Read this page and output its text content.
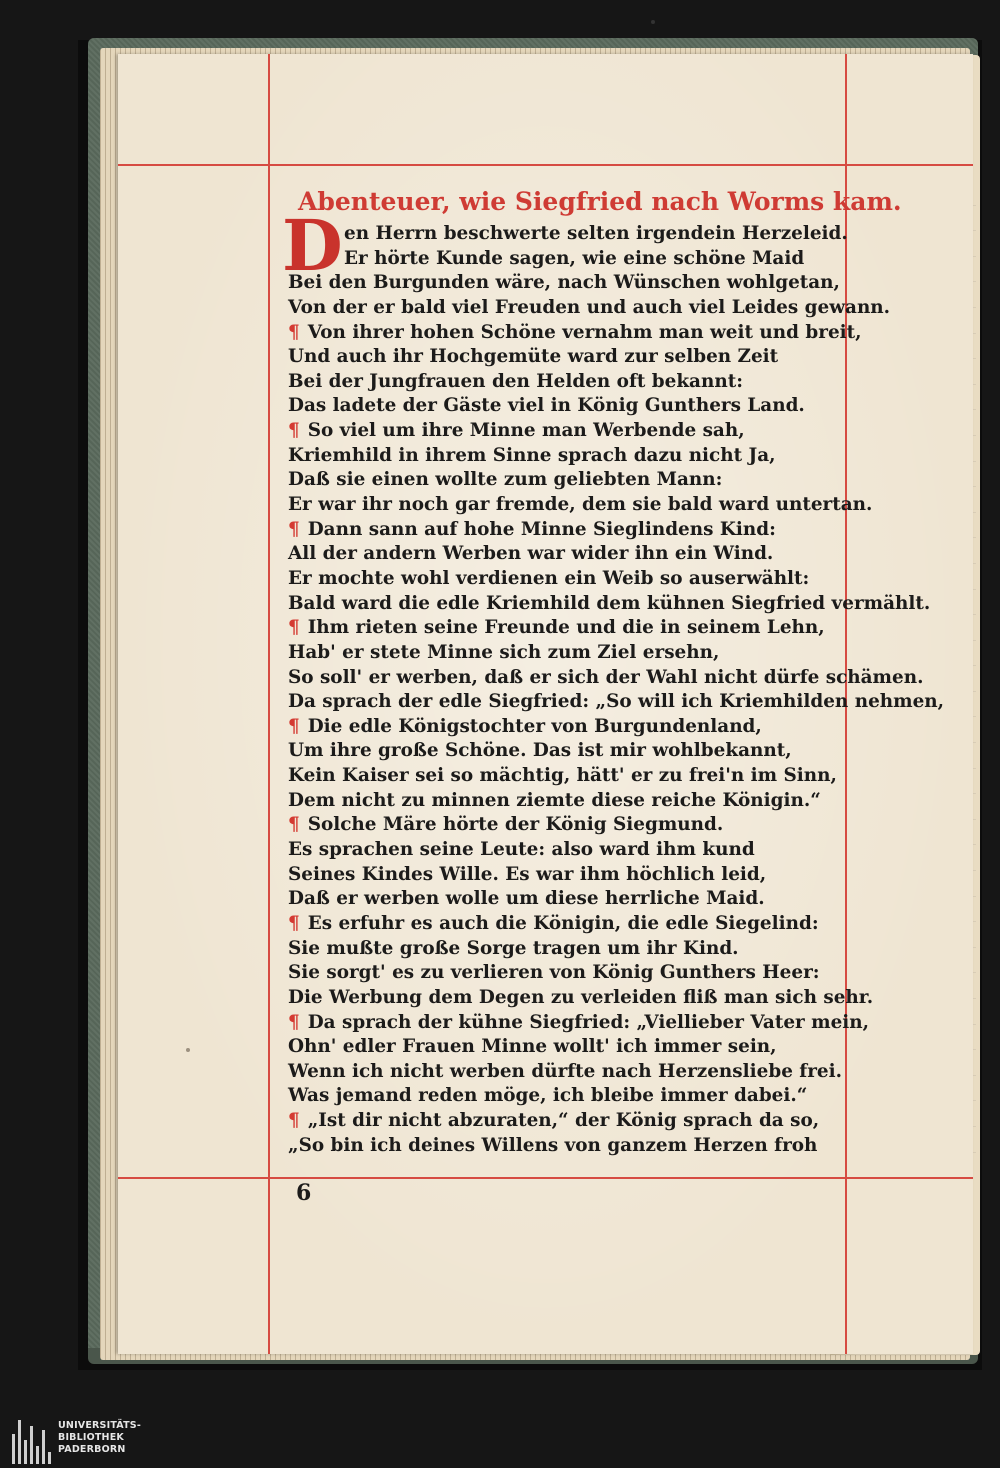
Abenteuer, wie Siegfried nach Worms kam.
D en Herrn beschwerte selten irgendein Herzeleid.
Er hörte Kunde sagen, wie eine schöne Maid
Bei den Burgunden wäre, nach Wünschen wohlgetan,
Von der er bald viel Freuden und auch viel Leides gewann.
¶ Von ihrer hohen Schöne vernahm man weit und breit,
Und auch ihr Hochgemüte ward zur selben Zeit
Bei der Jungfrauen den Helden oft bekannt:
Das ladete der Gäste viel in König Gunthers Land.
¶ So viel um ihre Minne man Werbende sah,
Kriemhild in ihrem Sinne sprach dazu nicht Ja,
Daß sie einen wollte zum geliebten Mann:
Er war ihr noch gar fremde, dem sie bald ward untertan.
¶ Dann sann auf hohe Minne Sieglindens Kind:
All der andern Werben war wider ihn ein Wind.
Er mochte wohl verdienen ein Weib so auserwählt:
Bald ward die edle Kriemhild dem kühnen Siegfried vermählt.
¶ Ihm rieten seine Freunde und die in seinem Lehn,
Hab' er stete Minne sich zum Ziel ersehn,
So soll' er werben, daß er sich der Wahl nicht dürfe schämen.
Da sprach der edle Siegfried: „So will ich Kriemhilden nehmen,
¶ Die edle Königstochter von Burgundenland,
Um ihre große Schöne. Das ist mir wohlbekannt,
Kein Kaiser sei so mächtig, hätt' er zu frei'n im Sinn,
Dem nicht zu minnen ziemte diese reiche Königin.“
¶ Solche Märe hörte der König Siegmund.
Es sprachen seine Leute: also ward ihm kund
Seines Kindes Wille. Es war ihm höchlich leid,
Daß er werben wolle um diese herrliche Maid.
¶ Es erfuhr es auch die Königin, die edle Siegelind:
Sie mußte große Sorge tragen um ihr Kind.
Sie sorgt' es zu verlieren von König Gunthers Heer:
Die Werbung dem Degen zu verleiden fliß man sich sehr.
¶ Da sprach der kühne Siegfried: „Viellieber Vater mein,
Ohn' edler Frauen Minne wollt' ich immer sein,
Wenn ich nicht werben dürfte nach Herzensliebe frei.
Was jemand reden möge, ich bleibe immer dabei.“
¶ „Ist dir nicht abzuraten,“ der König sprach da so,
„So bin ich deines Willens von ganzem Herzen froh
6
UNIVERSITÄTS-
BIBLIOTHEK
PADERBORN
